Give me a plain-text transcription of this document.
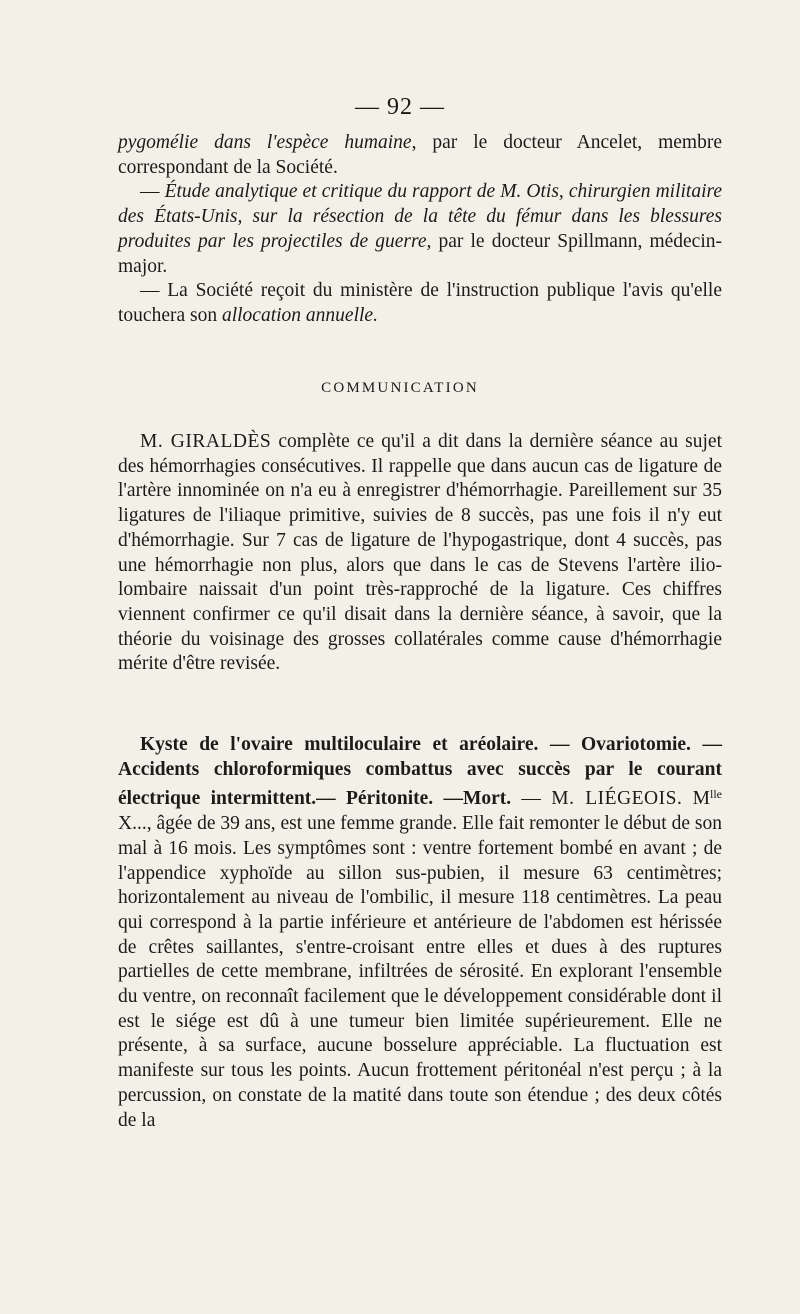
— 92 —

pygomélie dans l'espèce humaine, par le docteur Ancelet, membre correspondant de la Société.

— Étude analytique et critique du rapport de M. Otis, chirurgien militaire des États-Unis, sur la résection de la tête du fémur dans les blessures produites par les projectiles de guerre, par le docteur Spillmann, médecin-major.

— La Société reçoit du ministère de l'instruction publique l'avis qu'elle touchera son allocation annuelle.

COMMUNICATION

M. GIRALDÈS complète ce qu'il a dit dans la dernière séance au sujet des hémorrhagies consécutives. Il rappelle que dans aucun cas de ligature de l'artère innominée on n'a eu à enregistrer d'hémorrhagie. Pareillement sur 35 ligatures de l'iliaque primitive, suivies de 8 succès, pas une fois il n'y eut d'hémorrhagie. Sur 7 cas de ligature de l'hypogastrique, dont 4 succès, pas une hémorrhagie non plus, alors que dans le cas de Stevens l'artère ilio-lombaire naissait d'un point très-rapproché de la ligature. Ces chiffres viennent confirmer ce qu'il disait dans la dernière séance, à savoir, que la théorie du voisinage des grosses collatérales comme cause d'hémorrhagie mérite d'être revisée.

Kyste de l'ovaire multiloculaire et aréolaire. — Ovariotomie. — Accidents chloroformiques combattus avec succès par le courant électrique intermittent.— Péritonite. —Mort. — M. LIÉGEOIS. $M^{lle}$ X..., âgée de 39 ans, est une femme grande. Elle fait remonter le début de son mal à 16 mois. Les symptômes sont : ventre fortement bombé en avant ; de l'appendice xyphoïde au sillon sus-pubien, il mesure 63 centimètres; horizontalement au niveau de l'ombilic, il mesure 118 centimètres. La peau qui correspond à la partie inférieure et antérieure de l'abdomen est hérissée de crêtes saillantes, s'entre-croisant entre elles et dues à des ruptures partielles de cette membrane, infiltrées de sérosité. En explorant l'ensemble du ventre, on reconnaît facilement que le développement considérable dont il est le siége est dû à une tumeur bien limitée supérieurement. Elle ne présente, à sa surface, aucune bosselure appréciable. La fluctuation est manifeste sur tous les points. Aucun frottement péritonéal n'est perçu ; à la percussion, on constate de la matité dans toute son étendue ; des deux côtés de la
